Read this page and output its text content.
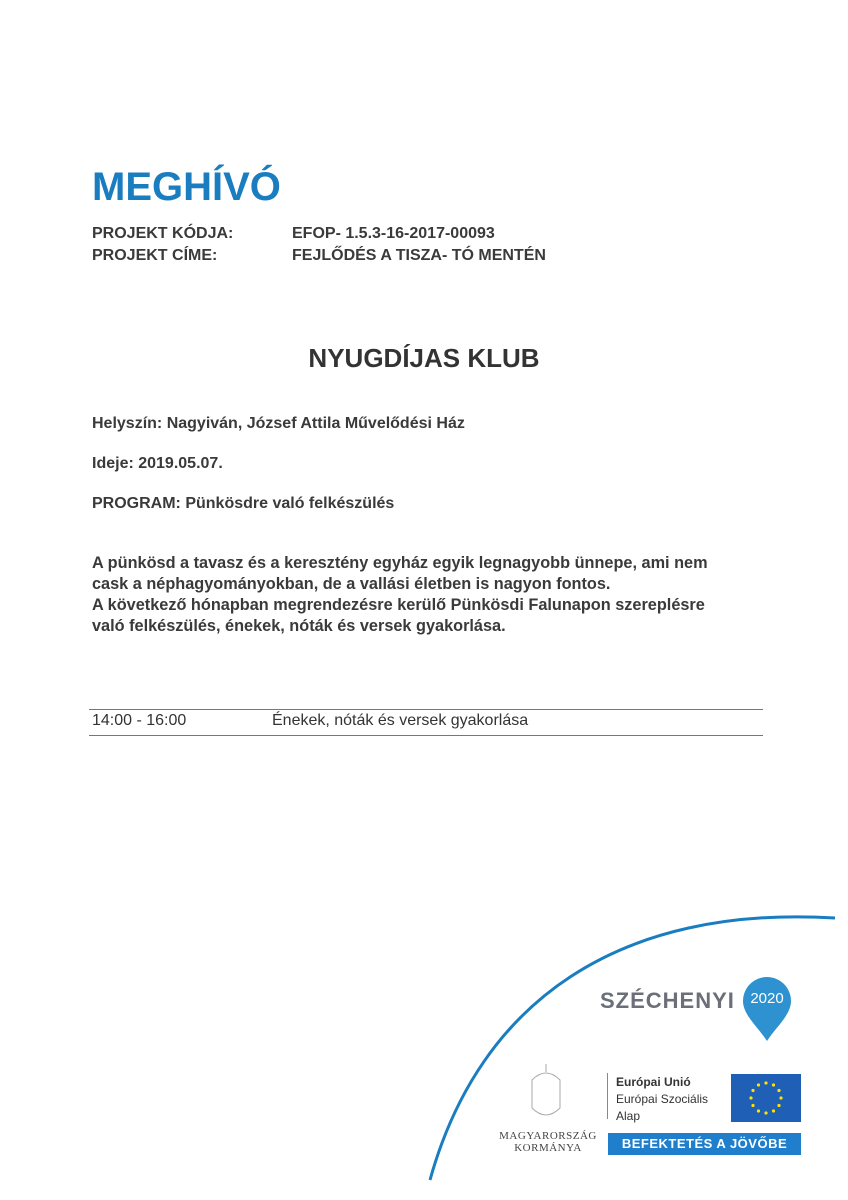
MEGHÍVÓ
PROJEKT KÓDJA:	EFOP- 1.5.3-16-2017-00093
PROJEKT CÍME:	FEJLŐDÉS A TISZA- TÓ MENTÉN
NYUGDÍJAS KLUB
Helyszín: Nagyiván, József Attila Művelődési Ház
Ideje: 2019.05.07.
PROGRAM: Pünkösdre való felkészülés
A pünkösd a tavasz és a keresztény egyház egyik legnagyobb ünnepe, ami nem
cask a néphagyományokban, de a vallási életben is nagyon fontos.
A következő hónapban megrendezésre kerülő Pünkösdi Falunapon szereplésre
való felkészülés, énekek, nóták és versek gyakorlása.
14:00 - 16:00	Énekek, nóták és versek gyakorlása
SZÉCHENYI	2020
MAGYARORSZÁG
KORMÁNYA
Európai Unió
Európai Szociális
Alap
BEFEKTETÉS A JÖVŐBE
